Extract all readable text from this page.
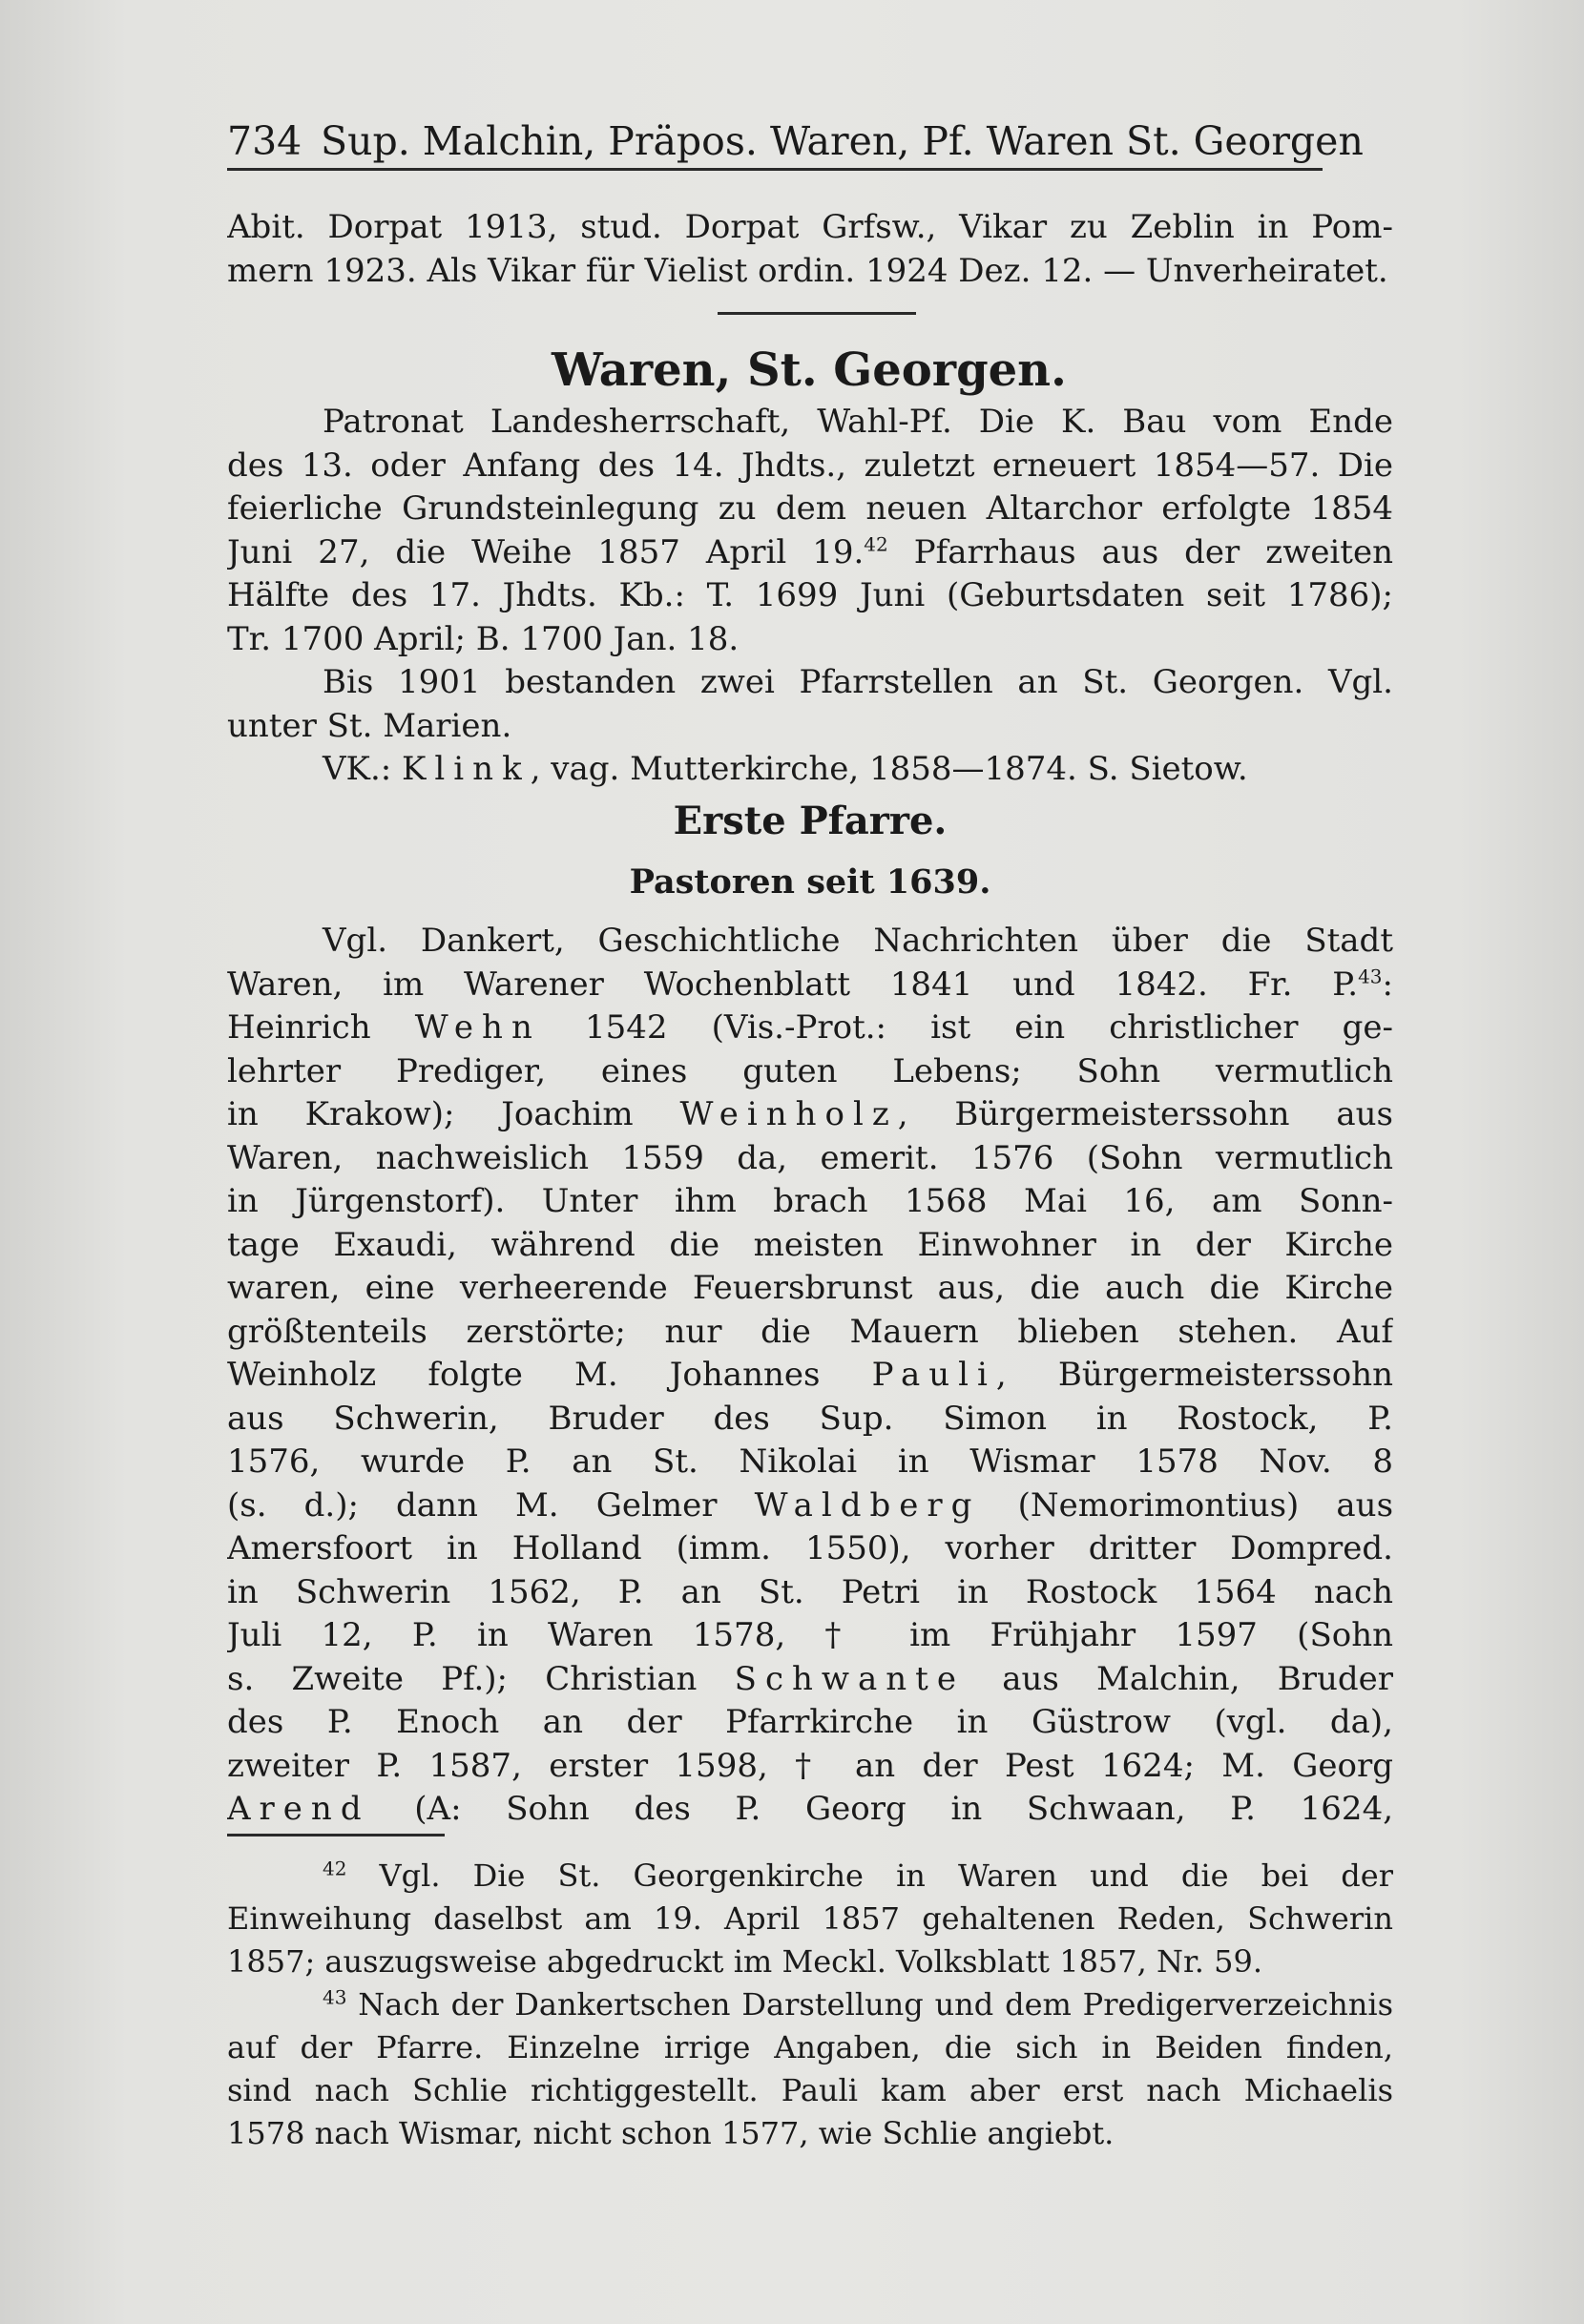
734 Sup. Malchin, Präpos. Waren, Pf. Waren St. Georgen
Abit. Dorpat 1913, stud. Dorpat Grfsw., Vikar zu Zeblin in Pom-
mern 1923. Als Vikar für Vielist ordin. 1924 Dez. 12. — Unverheiratet.
Waren, St. Georgen.
Patronat Landesherrschaft, Wahl-Pf. Die K. Bau vom Ende
des 13. oder Anfang des 14. Jhdts., zuletzt erneuert 1854—57. Die
feierliche Grundsteinlegung zu dem neuen Altarchor erfolgte 1854
Juni 27, die Weihe 1857 April 19.42 Pfarrhaus aus der zweiten
Hälfte des 17. Jhdts. Kb.: T. 1699 Juni (Geburtsdaten seit 1786);
Tr. 1700 April; B. 1700 Jan. 18.
Bis 1901 bestanden zwei Pfarrstellen an St. Georgen. Vgl.
unter St. Marien.
VK.: Klink, vag. Mutterkirche, 1858—1874. S. Sietow.
Erste Pfarre.
Pastoren seit 1639.
Vgl. Dankert, Geschichtliche Nachrichten über die Stadt
Waren, im Warener Wochenblatt 1841 und 1842. Fr. P.$^{43}$:
Heinrich Wehn 1542 (Vis.-Prot.: ist ein christlicher ge-
lehrter Prediger, eines guten Lebens; Sohn vermutlich
in Krakow); Joachim Weinholz, Bürgermeisterssohn aus
Waren, nachweislich 1559 da, emerit. 1576 (Sohn vermutlich
in Jürgenstorf). Unter ihm brach 1568 Mai 16, am Sonn-
tage Exaudi, während die meisten Einwohner in der Kirche
waren, eine verheerende Feuersbrunst aus, die auch die Kirche
größtenteils zerstörte; nur die Mauern blieben stehen. Auf
Weinholz folgte M. Johannes Pauli, Bürgermeisterssohn
aus Schwerin, Bruder des Sup. Simon in Rostock, P.
1576, wurde P. an St. Nikolai in Wismar 1578 Nov. 8
(s. d.); dann M. Gelmer Waldberg (Nemorimontius) aus
Amersfoort in Holland (imm. 1550), vorher dritter Dompred.
in Schwerin 1562, P. an St. Petri in Rostock 1564 nach
Juli 12, P. in Waren 1578, † im Frühjahr 1597 (Sohn
s. Zweite Pf.); Christian Schwante aus Malchin, Bruder
des P. Enoch an der Pfarrkirche in Güstrow (vgl. da),
zweiter P. 1587, erster 1598, † an der Pest 1624; M. Georg
Arend (A: Sohn des P. Georg in Schwaan, P. 1624,
$^{42}$ Vgl. Die St. Georgenkirche in Waren und die bei der
Einweihung daselbst am 19. April 1857 gehaltenen Reden, Schwerin
1857; auszugsweise abgedruckt im Meckl. Volksblatt 1857, Nr. 59.
$^{43}$ Nach der Dankertschen Darstellung und dem Predigerverzeichnis
auf der Pfarre. Einzelne irrige Angaben, die sich in Beiden finden,
sind nach Schlie richtiggestellt. Pauli kam aber erst nach Michaelis
1578 nach Wismar, nicht schon 1577, wie Schlie angiebt.
